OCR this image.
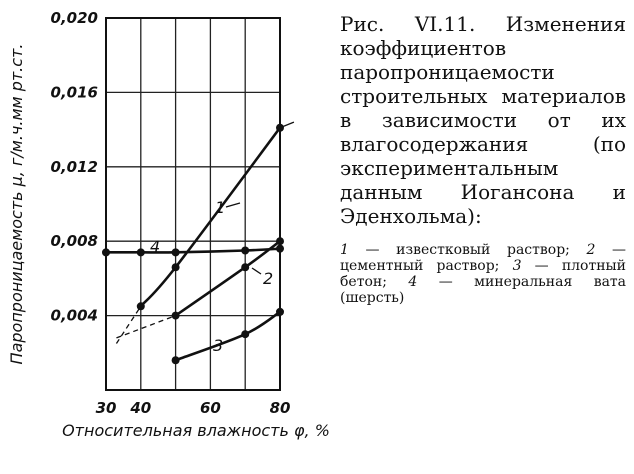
1
2
3
4
30 40	60	80
0,004
0,008
0,012
0,016
0,020
Относительная влажность φ, %
Паропроницаемость μ, г/м.ч.мм рт.ст.

Рис. VI.11. Изменения коэффициентов паропроницаемости строительных материалов в зависимости от их влагосодержания (по экспериментальным данным Иогансона и Эденхольма):

1 — известковый раствор; 2 — цементный раствор; 3 — плотный бетон; 4 — минеральная вата (шерсть)
